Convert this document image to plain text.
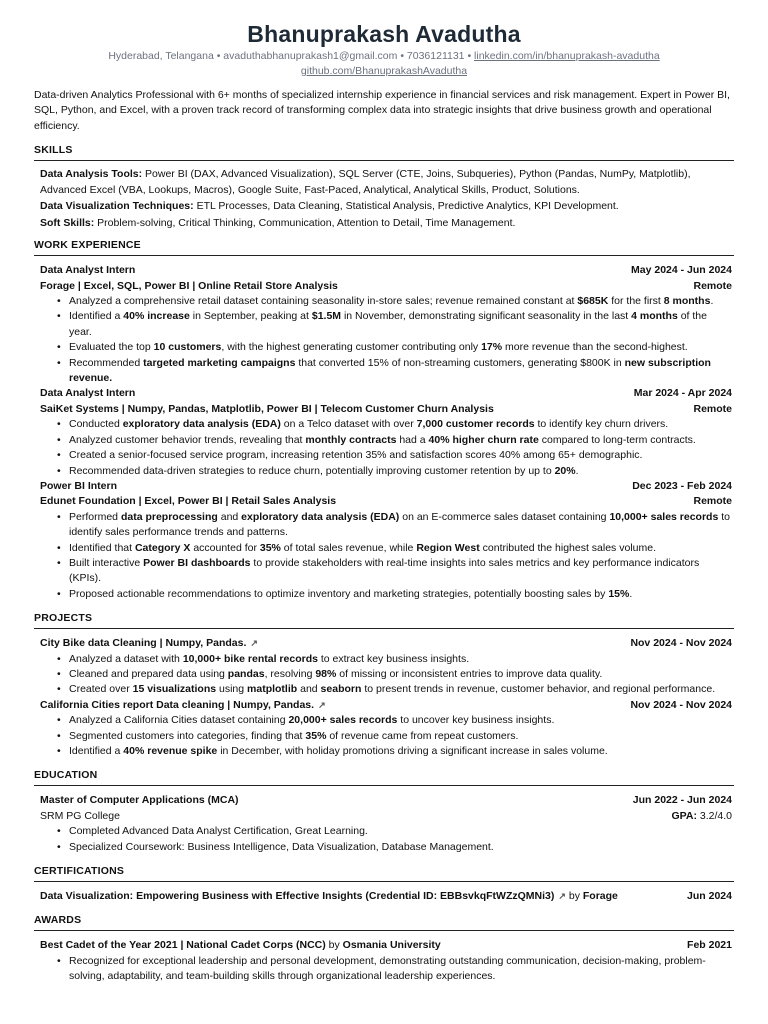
Bhanuprakash Avadutha
Hyderabad, Telangana • avaduthabhanuprakash1@gmail.com • 7036121131 • linkedin.com/in/bhanuprakash-avadutha
github.com/BhanuprakashAvadutha
Data-driven Analytics Professional with 6+ months of specialized internship experience in financial services and risk management. Expert in Power BI, SQL, Python, and Excel, with a proven track record of transforming complex data into strategic insights that drive business growth and operational efficiency.
SKILLS
Data Analysis Tools: Power BI (DAX, Advanced Visualization), SQL Server (CTE, Joins, Subqueries), Python (Pandas, NumPy, Matplotlib), Advanced Excel (VBA, Lookups, Macros), Google Suite, Fast-Paced, Analytical, Analytical Skills, Product, Solutions.
Data Visualization Techniques: ETL Processes, Data Cleaning, Statistical Analysis, Predictive Analytics, KPI Development.
Soft Skills: Problem-solving, Critical Thinking, Communication, Attention to Detail, Time Management.
WORK EXPERIENCE
Data Analyst Intern	May 2024 - Jun 2024
Forage | Excel, SQL, Power BI | Online Retail Store Analysis	Remote
• Analyzed a comprehensive retail dataset containing seasonality in-store sales; revenue remained constant at $685K for the first 8 months.
• Identified a 40% increase in September, peaking at $1.5M in November, demonstrating significant seasonality in the last 4 months of the year.
• Evaluated the top 10 customers, with the highest generating customer contributing only 17% more revenue than the second-highest.
• Recommended targeted marketing campaigns that converted 15% of non-streaming customers, generating $800K in new subscription revenue.
Data Analyst Intern	Mar 2024 - Apr 2024
SaiKet Systems | Numpy, Pandas, Matplotlib, Power BI | Telecom Customer Churn Analysis	Remote
• Conducted exploratory data analysis (EDA) on a Telco dataset with over 7,000 customer records to identify key churn drivers.
• Analyzed customer behavior trends, revealing that monthly contracts had a 40% higher churn rate compared to long-term contracts.
• Created a senior-focused service program, increasing retention 35% and satisfaction scores 40% among 65+ demographic.
• Recommended data-driven strategies to reduce churn, potentially improving customer retention by up to 20%.
Power BI Intern	Dec 2023 - Feb 2024
Edunet Foundation | Excel, Power BI | Retail Sales Analysis	Remote
• Performed data preprocessing and exploratory data analysis (EDA) on an E-commerce sales dataset containing 10,000+ sales records to identify sales performance trends and patterns.
• Identified that Category X accounted for 35% of total sales revenue, while Region West contributed the highest sales volume.
• Built interactive Power BI dashboards to provide stakeholders with real-time insights into sales metrics and key performance indicators (KPIs).
• Proposed actionable recommendations to optimize inventory and marketing strategies, potentially boosting sales by 15%.
PROJECTS
City Bike data Cleaning | Numpy, Pandas. ↗	Nov 2024 - Nov 2024
• Analyzed a dataset with 10,000+ bike rental records to extract key business insights.
• Cleaned and prepared data using pandas, resolving 98% of missing or inconsistent entries to improve data quality.
• Created over 15 visualizations using matplotlib and seaborn to present trends in revenue, customer behavior, and regional performance.
California Cities report Data cleaning | Numpy, Pandas. ↗	Nov 2024 - Nov 2024
• Analyzed a California Cities dataset containing 20,000+ sales records to uncover key business insights.
• Segmented customers into categories, finding that 35% of revenue came from repeat customers.
• Identified a 40% revenue spike in December, with holiday promotions driving a significant increase in sales volume.
EDUCATION
Master of Computer Applications (MCA)	Jun 2022 - Jun 2024
SRM PG College	GPA: 3.2/4.0
• Completed Advanced Data Analyst Certification, Great Learning.
• Specialized Coursework: Business Intelligence, Data Visualization, Database Management.
CERTIFICATIONS
Data Visualization: Empowering Business with Effective Insights (Credential ID: EBBsvkqFtWZzQMNi3) ↗ by Forage	Jun 2024
AWARDS
Best Cadet of the Year 2021 | National Cadet Corps (NCC) by Osmania University	Feb 2021
• Recognized for exceptional leadership and personal development, demonstrating outstanding communication, decision-making, problem-solving, adaptability, and team-building skills through organizational leadership experiences.
